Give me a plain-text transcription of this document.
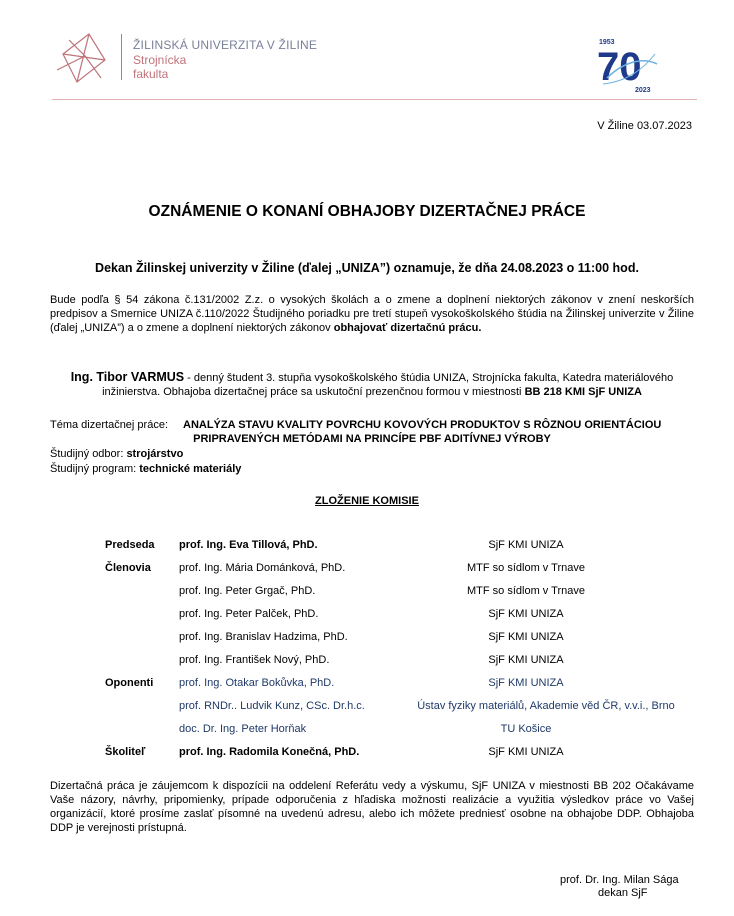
ŽILINSKÁ UNIVERZITA V ŽILINE
Strojnícka
fakulta
1953
70
2023
V Žiline 03.07.2023
OZNÁMENIE O KONANÍ OBHAJOBY DIZERTAČNEJ PRÁCE
Dekan Žilinskej univerzity v Žiline (ďalej „UNIZA”) oznamuje, že dňa 24.08.2023 o 11:00 hod.
Bude podľa § 54 zákona č.131/2002 Z.z. o vysokých školách a o zmene a doplnení niektorých zákonov v znení neskorších predpisov a Smernice UNIZA č.110/2022 Študijného poriadku pre tretí stupeň vysokoškolského štúdia na Žilinskej univerzite v Žiline (ďalej „UNIZA”) a o zmene a doplnení niektorých zákonov obhajovať dizertačnú prácu.
Ing. Tibor VARMUS - denný študent 3. stupňa vysokoškolského štúdia UNIZA, Strojnícka fakulta, Katedra materiálového inžinierstva. Obhajoba dizertačnej práce sa uskutoční prezenčnou formou v miestnosti BB 218 KMI SjF UNIZA
Téma dizertačnej práce:	ANALÝZA STAVU KVALITY POVRCHU KOVOVÝCH PRODUKTOV S RÔZNOU ORIENTÁCIOU
PRIPRAVENÝCH METÓDAMI NA PRINCÍPE PBF ADITÍVNEJ VÝROBY
Študijný odbor: strojárstvo
Študijný program: technické materiály
ZLOŽENIE KOMISIE
Predseda	prof. Ing. Eva Tillová, PhD.	SjF KMI UNIZA
Členovia	prof. Ing. Mária Dománková, PhD.	MTF so sídlom v Trnave
prof. Ing. Peter Grgač, PhD.	MTF so sídlom v Trnave
prof. Ing. Peter Palček, PhD.	SjF KMI UNIZA
prof. Ing. Branislav Hadzima, PhD.	SjF KMI UNIZA
prof. Ing. František Nový, PhD.	SjF KMI UNIZA
Oponenti	prof. Ing. Otakar Bokůvka, PhD.	SjF KMI UNIZA
prof. RNDr.. Ludvik Kunz, CSc. Dr.h.c.	Ústav fyziky materiálů, Akademie věd ČR, v.v.i., Brno
doc. Dr. Ing. Peter Horňak	TU Košice
Školiteľ	prof. Ing. Radomila Konečná, PhD.	SjF KMI UNIZA
Dizertačná práca je záujemcom k dispozícii na oddelení Referátu vedy a výskumu, SjF UNIZA v miestnosti BB 202 Očakávame Vaše názory, návrhy, pripomienky, prípade odporučenia z hľadiska možnosti realizácie a využitia výsledkov práce vo Vašej organizácií, ktoré prosíme zaslať písomné na uvedenú adresu, alebo ich môžete predniesť osobne na obhajobe DDP. Obhajoba DDP je verejnosti prístupná.
prof. Dr. Ing. Milan Sága
dekan SjF
